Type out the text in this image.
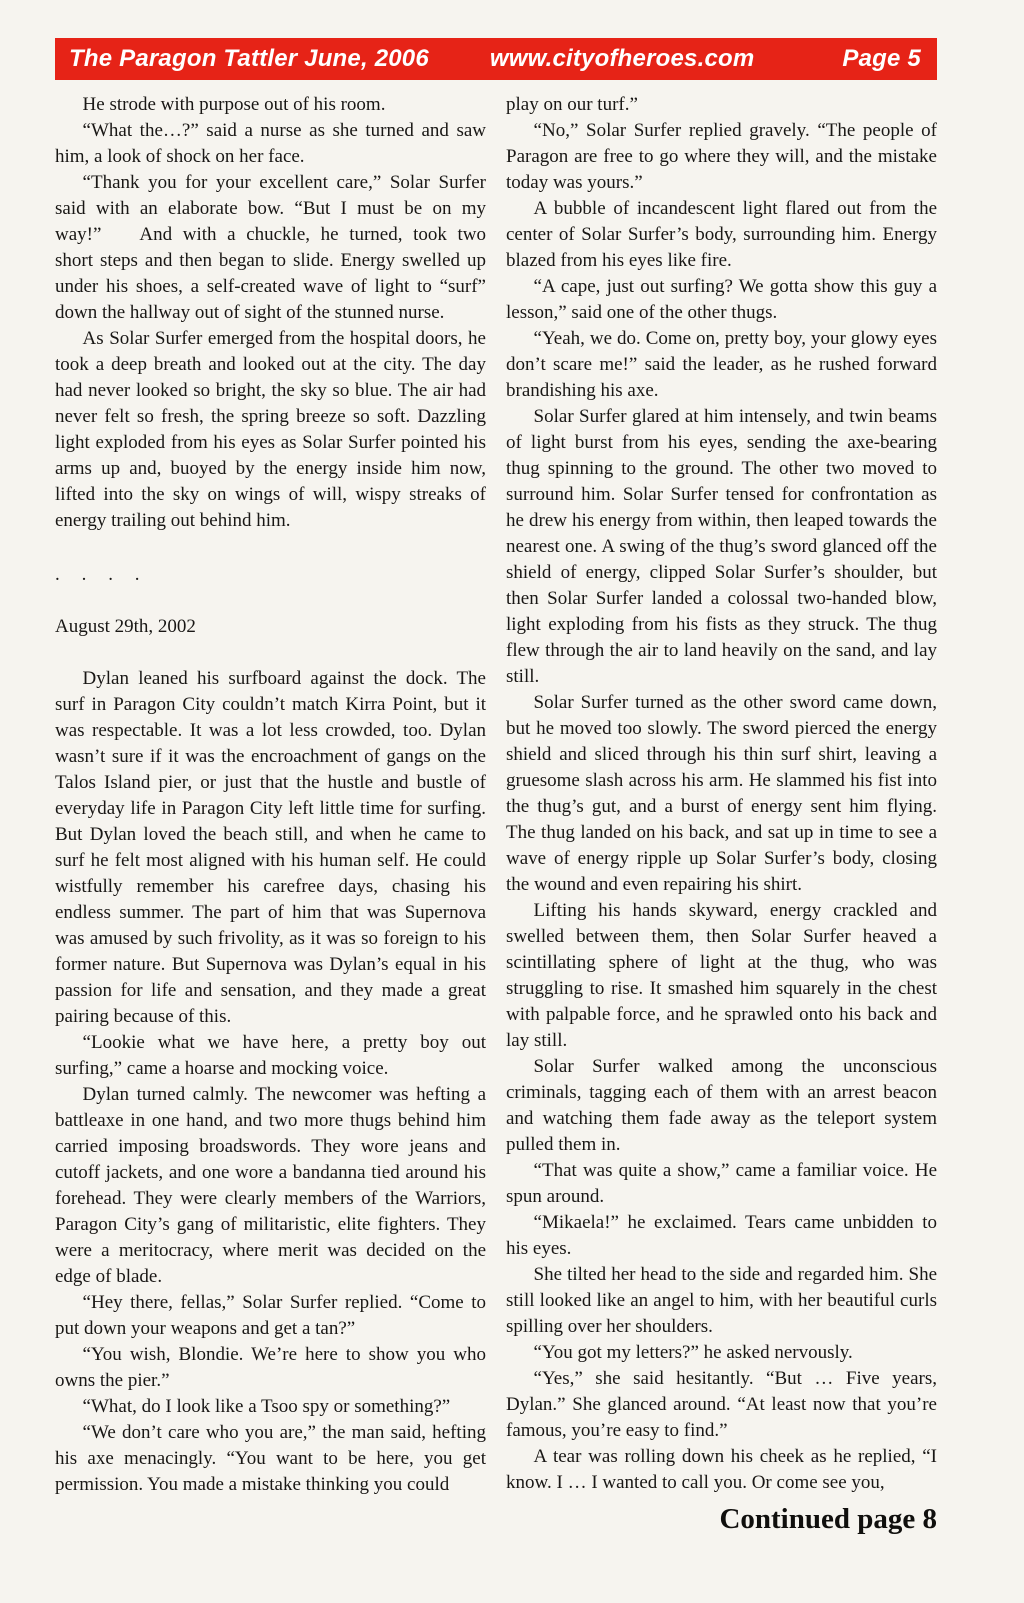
The Paragon Tattler June, 2006	www.cityofheroes.com	Page 5

He strode with purpose out of his room.

“What the…?” said a nurse as she turned and saw him, a look of shock on her face.

“Thank you for your excellent care,” Solar Surfer said with an elaborate bow. “But I must be on my way!”  And with a chuckle, he turned, took two short steps and then began to slide. Energy swelled up under his shoes, a self-created wave of light to “surf” down the hallway out of sight of the stunned nurse.

As Solar Surfer emerged from the hospital doors, he took a deep breath and looked out at the city. The day had never looked so bright, the sky so blue. The air had never felt so fresh, the spring breeze so soft. Dazzling light exploded from his eyes as Solar Surfer pointed his arms up and, buoyed by the energy inside him now, lifted into the sky on wings of will, wispy streaks of energy trailing out behind him.

. . . .

August 29th, 2002

Dylan leaned his surfboard against the dock. The surf in Paragon City couldn’t match Kirra Point, but it was respectable. It was a lot less crowded, too. Dylan wasn’t sure if it was the encroachment of gangs on the Talos Island pier, or just that the hustle and bustle of everyday life in Paragon City left little time for surfing. But Dylan loved the beach still, and when he came to surf he felt most aligned with his human self. He could wistfully remember his carefree days, chasing his endless summer. The part of him that was Supernova was amused by such frivolity, as it was so foreign to his former nature. But Supernova was Dylan’s equal in his passion for life and sensation, and they made a great pairing because of this.

“Lookie what we have here, a pretty boy out surfing,” came a hoarse and mocking voice.

Dylan turned calmly. The newcomer was hefting a battleaxe in one hand, and two more thugs behind him carried imposing broadswords. They wore jeans and cutoff jackets, and one wore a bandanna tied around his forehead. They were clearly members of the Warriors, Paragon City’s gang of militaristic, elite fighters. They were a meritocracy, where merit was decided on the edge of blade.

“Hey there, fellas,” Solar Surfer replied. “Come to put down your weapons and get a tan?”

“You wish, Blondie. We’re here to show you who owns the pier.”

“What, do I look like a Tsoo spy or something?”

“We don’t care who you are,” the man said, hefting his axe menacingly. “You want to be here, you get permission. You made a mistake thinking you could

play on our turf.”

“No,” Solar Surfer replied gravely. “The people of Paragon are free to go where they will, and the mistake today was yours.”

A bubble of incandescent light flared out from the center of Solar Surfer’s body, surrounding him. Energy blazed from his eyes like fire.

“A cape, just out surfing? We gotta show this guy a lesson,” said one of the other thugs.

“Yeah, we do. Come on, pretty boy, your glowy eyes don’t scare me!” said the leader, as he rushed forward brandishing his axe.

Solar Surfer glared at him intensely, and twin beams of light burst from his eyes, sending the axe-bearing thug spinning to the ground. The other two moved to surround him. Solar Surfer tensed for confrontation as he drew his energy from within, then leaped towards the nearest one. A swing of the thug’s sword glanced off the shield of energy, clipped Solar Surfer’s shoulder, but then Solar Surfer landed a colossal two-handed blow, light exploding from his fists as they struck. The thug flew through the air to land heavily on the sand, and lay still.

Solar Surfer turned as the other sword came down, but he moved too slowly. The sword pierced the energy shield and sliced through his thin surf shirt, leaving a gruesome slash across his arm. He slammed his fist into the thug’s gut, and a burst of energy sent him flying. The thug landed on his back, and sat up in time to see a wave of energy ripple up Solar Surfer’s body, closing the wound and even repairing his shirt.

Lifting his hands skyward, energy crackled and swelled between them, then Solar Surfer heaved a scintillating sphere of light at the thug, who was struggling to rise. It smashed him squarely in the chest with palpable force, and he sprawled onto his back and lay still.

Solar Surfer walked among the unconscious criminals, tagging each of them with an arrest beacon and watching them fade away as the teleport system pulled them in.

“That was quite a show,” came a familiar voice. He spun around.

“Mikaela!” he exclaimed. Tears came unbidden to his eyes.

She tilted her head to the side and regarded him. She still looked like an angel to him, with her beautiful curls spilling over her shoulders.

“You got my letters?” he asked nervously.

“Yes,” she said hesitantly. “But … Five years, Dylan.” She glanced around. “At least now that you’re famous, you’re easy to find.”

A tear was rolling down his cheek as he replied, “I know. I … I wanted to call you. Or come see you,

Continued page 8
